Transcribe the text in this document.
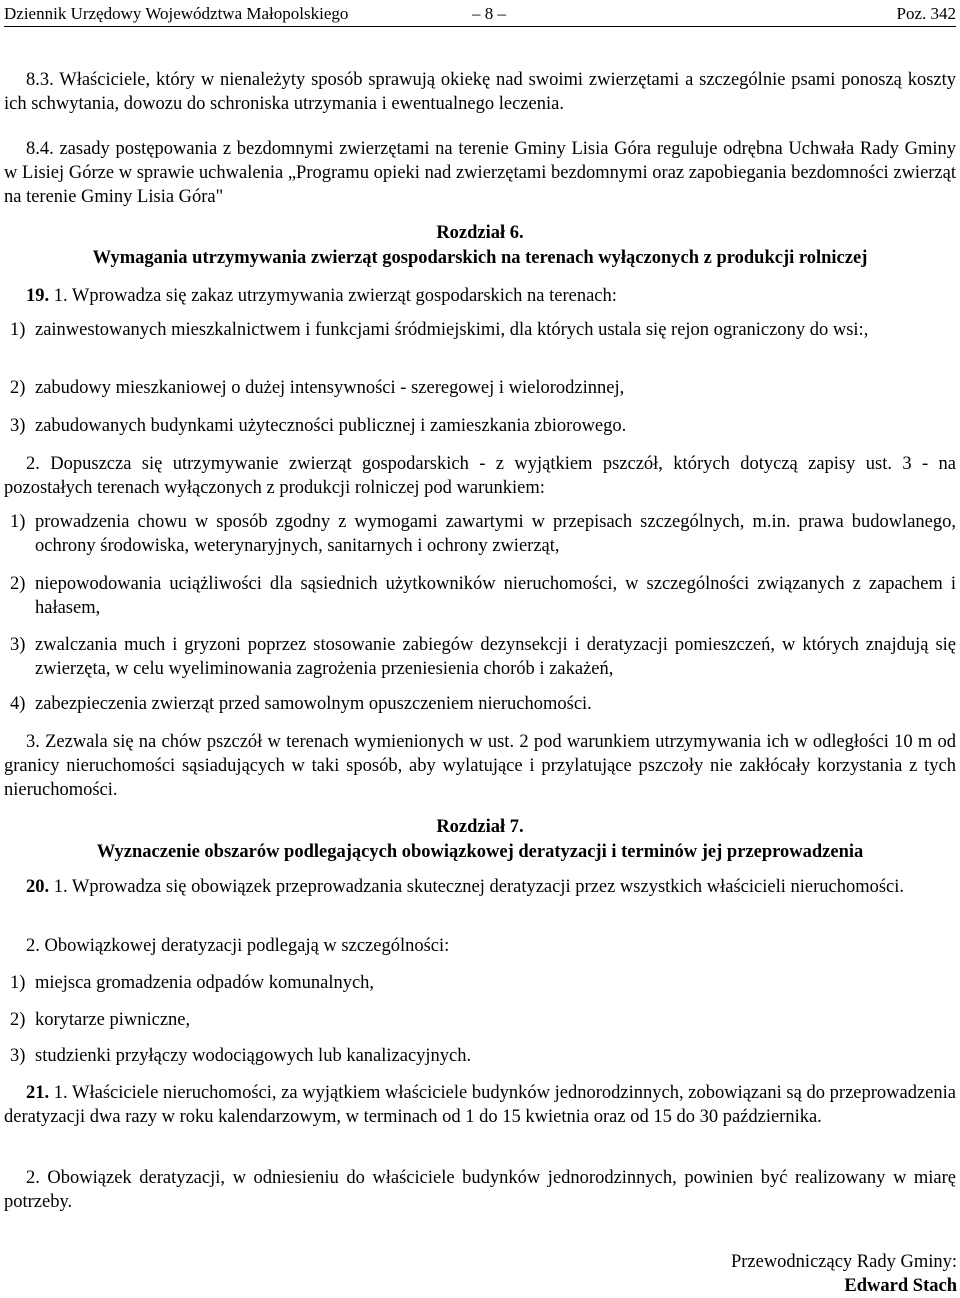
Dziennik Urzędowy Województwa Małopolskiego	– 8 –	Poz. 342
8.3. Właściciele, który w nienależyty sposób sprawują okiekę nad swoimi zwierzętami a szczególnie psami ponoszą koszty ich schwytania, dowozu do schroniska utrzymania i ewentualnego leczenia.
8.4. zasady postępowania z bezdomnymi zwierzętami na terenie Gminy Lisia Góra reguluje odrębna Uchwała Rady Gminy w Lisiej Górze w sprawie uchwalenia „Programu opieki nad zwierzętami bezdomnymi oraz zapobiegania bezdomności zwierząt na terenie Gminy Lisia Góra"
Rozdział 6.
Wymagania utrzymywania zwierząt gospodarskich na terenach wyłączonych z produkcji rolniczej
19. 1. Wprowadza się zakaz utrzymywania zwierząt gospodarskich na terenach:
1) zainwestowanych mieszkalnictwem i funkcjami śródmiejskimi, dla których ustala się rejon ograniczony do wsi:,
2) zabudowy mieszkaniowej o dużej intensywności - szeregowej i wielorodzinnej,
3) zabudowanych budynkami użyteczności publicznej i zamieszkania zbiorowego.
2. Dopuszcza się utrzymywanie zwierząt gospodarskich - z wyjątkiem pszczół, których dotyczą zapisy ust. 3 - na pozostałych terenach wyłączonych z produkcji rolniczej pod warunkiem:
1) prowadzenia chowu w sposób zgodny z wymogami zawartymi w przepisach szczególnych, m.in. prawa budowlanego, ochrony środowiska, weterynaryjnych, sanitarnych i ochrony zwierząt,
2) niepowodowania uciążliwości dla sąsiednich użytkowników nieruchomości, w szczególności związanych z zapachem i hałasem,
3) zwalczania much i gryzoni poprzez stosowanie zabiegów dezynsekcji i deratyzacji pomieszczeń, w których znajdują się zwierzęta, w celu wyeliminowania zagrożenia przeniesienia chorób i zakażeń,
4) zabezpieczenia zwierząt przed samowolnym opuszczeniem nieruchomości.
3. Zezwala się na chów pszczół w terenach wymienionych w ust. 2 pod warunkiem utrzymywania ich w odległości 10 m od granicy nieruchomości sąsiadujących w taki sposób, aby wylatujące i przylatujące pszczoły nie zakłócały korzystania z tych nieruchomości.
Rozdział 7.
Wyznaczenie obszarów podlegających obowiązkowej deratyzacji i terminów jej przeprowadzenia
20. 1. Wprowadza się obowiązek przeprowadzania skutecznej deratyzacji przez wszystkich właścicieli nieruchomości.
2. Obowiązkowej deratyzacji podlegają w szczególności:
1) miejsca gromadzenia odpadów komunalnych,
2) korytarze piwniczne,
3) studzienki przyłączy wodociągowych lub kanalizacyjnych.
21. 1. Właściciele nieruchomości, za wyjątkiem właściciele budynków jednorodzinnych, zobowiązani są do przeprowadzenia deratyzacji dwa razy w roku kalendarzowym, w terminach od 1 do 15 kwietnia oraz od 15 do 30 października.
2. Obowiązek deratyzacji, w odniesieniu do właściciele budynków jednorodzinnych, powinien być realizowany w miarę potrzeby.
Przewodniczący Rady Gminy:
Edward Stach
